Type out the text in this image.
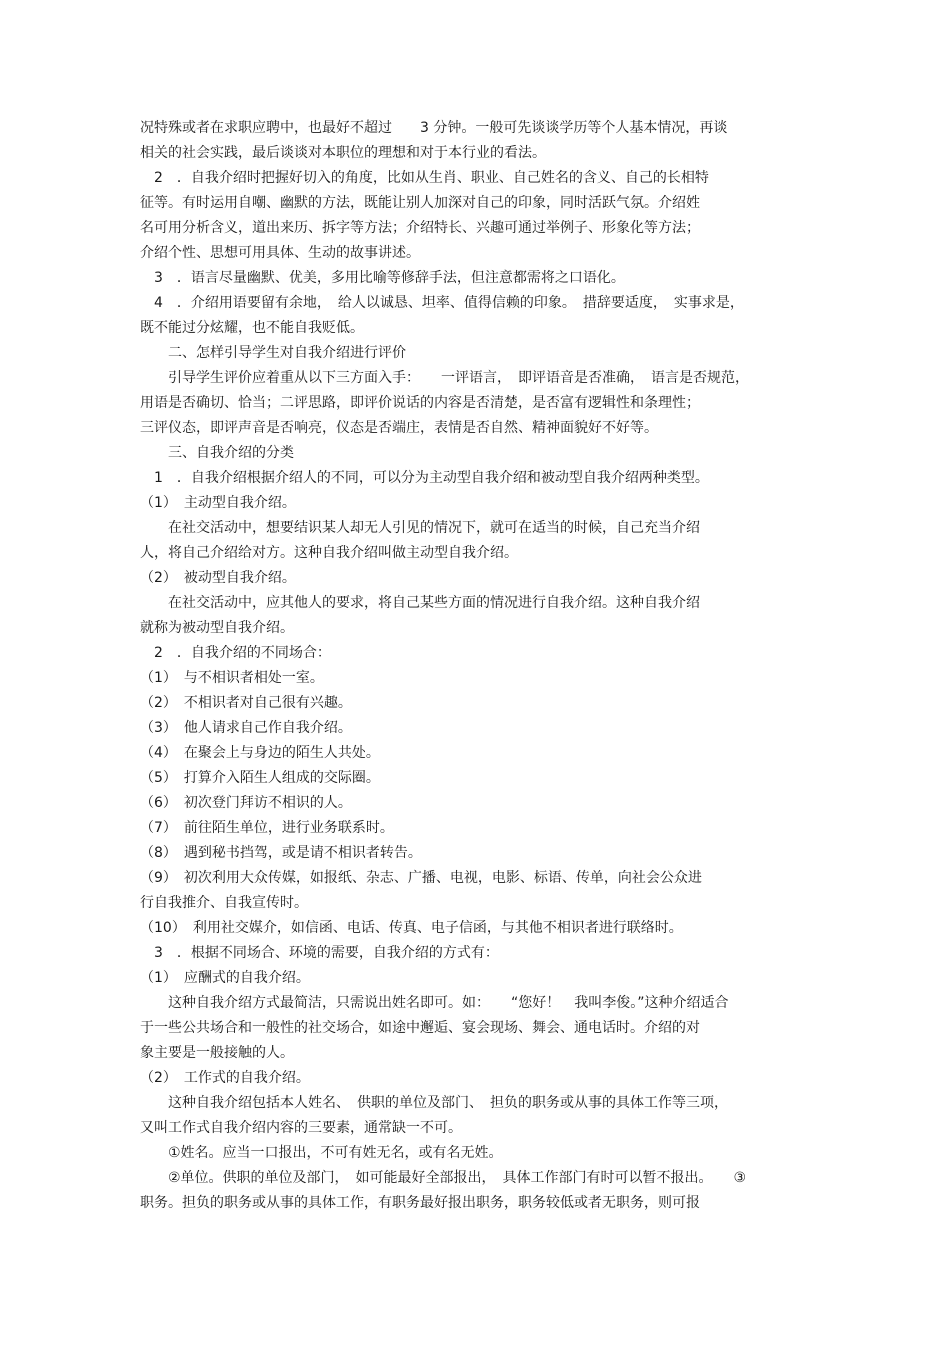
况特殊或者在求职应聘中，也最好不超过　　3 分钟。一般可先谈谈学历等个人基本情况，再谈
相关的社会实践，最后谈谈对本职位的理想和对于本行业的看法。
　2　．自我介绍时把握好切入的角度，比如从生肖、职业、自己姓名的含义、自己的长相特
征等。有时运用自嘲、幽默的方法，既能让别人加深对自己的印象，同时活跃气氛。介绍姓
名可用分析含义，道出来历、拆字等方法；介绍特长、兴趣可通过举例子、形象化等方法；
介绍个性、思想可用具体、生动的故事讲述。
　3　．语言尽量幽默、优美，多用比喻等修辞手法，但注意都需将之口语化。
　4　．介绍用语要留有余地，　给人以诚恳、坦率、值得信赖的印象。　措辞要适度，　实事求是，
既不能过分炫耀，也不能自我贬低。
　　二、怎样引导学生对自我介绍进行评价
　　引导学生评价应着重从以下三方面入手：　　一评语言，　即评语音是否准确，　语言是否规范，
用语是否确切、恰当；二评思路，即评价说话的内容是否清楚，是否富有逻辑性和条理性；
三评仪态，即评声音是否响亮，仪态是否端庄，表情是否自然、精神面貌好不好等。
　　三、自我介绍的分类
　1　．自我介绍根据介绍人的不同，可以分为主动型自我介绍和被动型自我介绍两种类型。
（1）　主动型自我介绍。
　　在社交活动中，想要结识某人却无人引见的情况下，就可在适当的时候，自己充当介绍
人，将自己介绍给对方。这种自我介绍叫做主动型自我介绍。
（2）　被动型自我介绍。
　　在社交活动中，应其他人的要求，将自己某些方面的情况进行自我介绍。这种自我介绍
就称为被动型自我介绍。
　2　．自我介绍的不同场合：
（1）　与不相识者相处一室。
（2）　不相识者对自己很有兴趣。
（3）　他人请求自己作自我介绍。
（4）　在聚会上与身边的陌生人共处。
（5）　打算介入陌生人组成的交际圈。
（6）　初次登门拜访不相识的人。
（7）　前往陌生单位，进行业务联系时。
（8）　遇到秘书挡驾，或是请不相识者转告。
（9）　初次利用大众传媒，如报纸、杂志、广播、电视，电影、标语、传单，向社会公众进
行自我推介、自我宣传时。
（10）　利用社交媒介，如信函、电话、传真、电子信函，与其他不相识者进行联络时。
　3　．根据不同场合、环境的需要，自我介绍的方式有：
（1）　应酬式的自我介绍。
　　这种自我介绍方式最简洁，只需说出姓名即可。如：　　“您好！　我叫李俊。”这种介绍适合
于一些公共场合和一般性的社交场合，如途中邂逅、宴会现场、舞会、通电话时。介绍的对
象主要是一般接触的人。
（2）　工作式的自我介绍。
　　这种自我介绍包括本人姓名、　供职的单位及部门、　担负的职务或从事的具体工作等三项，
又叫工作式自我介绍内容的三要素，通常缺一不可。
　　①姓名。应当一口报出，不可有姓无名，或有名无姓。
　　②单位。供职的单位及部门，　如可能最好全部报出，　具体工作部门有时可以暂不报出。　　③
职务。担负的职务或从事的具体工作，有职务最好报出职务，职务较低或者无职务，则可报
